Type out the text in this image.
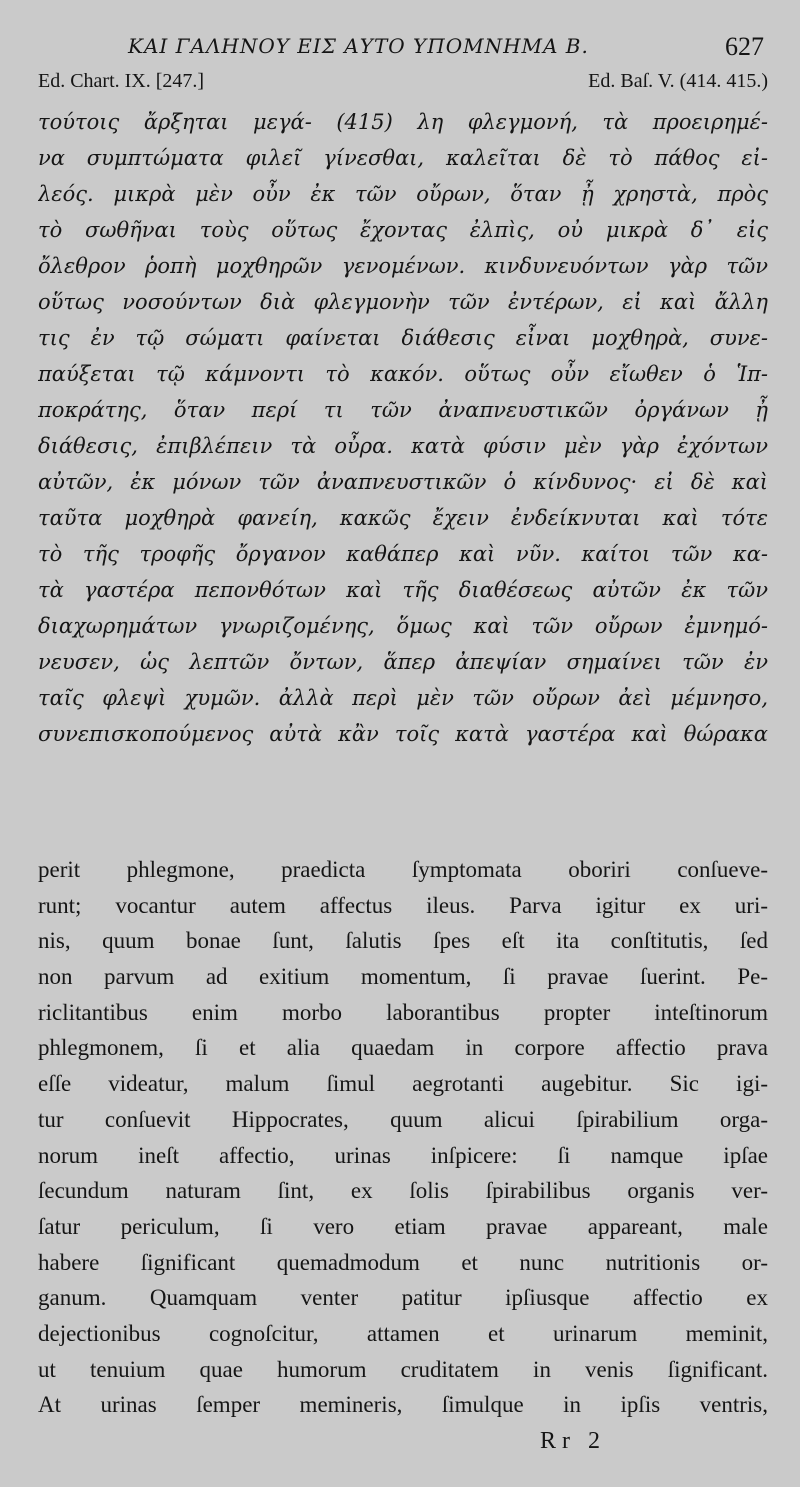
ΚΑΙ ΓΑΛΗΝΟΥ ΕΙΣ ΑΥΤΟ ΥΠΟΜΝΗΜΑ Β.	627
Ed. Chart. IX. [247.]	Ed. Baſ. V. (414. 415.)
τούτοις ἄρξηται μεγά- (415) λη φλεγμονή, τὰ προειρημέ-
να συμπτώματα φιλεῖ γίνεσθαι, καλεῖται δὲ τὸ πάθος εἰ-
λεός. μικρὰ μὲν οὖν ἐκ τῶν οὔρων, ὅταν ᾖ χρηστὰ, πρὸς
τὸ σωθῆναι τοὺς οὕτως ἔχοντας ἐλπὶς, οὐ μικρὰ δ᾽ εἰς
ὄλεθρον ῥοπὴ μοχθηρῶν γενομένων. κινδυνευόντων γὰρ τῶν
οὕτως νοσούντων διὰ φλεγμονὴν τῶν ἐντέρων, εἰ καὶ ἄλλη
τις ἐν τῷ σώματι φαίνεται διάθεσις εἶναι μοχθηρὰ, συνε-
παύξεται τῷ κάμνοντι τὸ κακόν. οὕτως οὖν εἴωθεν ὁ Ἱπ-
ποκράτης, ὅταν περί τι τῶν ἀναπνευστικῶν ὀργάνων ᾖ
διάθεσις, ἐπιβλέπειν τὰ οὖρα. κατὰ φύσιν μὲν γὰρ ἐχόντων
αὐτῶν, ἐκ μόνων τῶν ἀναπνευστικῶν ὁ κίνδυνος· εἰ δὲ καὶ
ταῦτα μοχθηρὰ φανείη, κακῶς ἔχειν ἐνδείκνυται καὶ τότε
τὸ τῆς τροφῆς ὄργανον καθάπερ καὶ νῦν. καίτοι τῶν κα-
τὰ γαστέρα πεπονθότων καὶ τῆς διαθέσεως αὐτῶν ἐκ τῶν
διαχωρημάτων γνωριζομένης, ὅμως καὶ τῶν οὔρων ἐμνημό-
νευσεν, ὡς λεπτῶν ὄντων, ἅπερ ἀπεψίαν σημαίνει τῶν ἐν
ταῖς φλεψὶ χυμῶν. ἀλλὰ περὶ μὲν τῶν οὔρων ἀεὶ μέμνησο,
συνεπισκοπούμενος αὐτὰ κἂν τοῖς κατὰ γαστέρα καὶ θώρακα
perit phlegmone, praedicta ſymptomata oboriri conſueve-
runt; vocantur autem affectus ileus. Parva igitur ex uri-
nis, quum bonae ſunt, ſalutis ſpes eſt ita conſtitutis, ſed
non parvum ad exitium momentum, ſi pravae ſuerint. Pe-
riclitantibus enim morbo laborantibus propter inteſtinorum
phlegmonem, ſi et alia quaedam in corpore affectio prava
eſſe videatur, malum ſimul aegrotanti augebitur. Sic igi-
tur conſuevit Hippocrates, quum alicui ſpirabilium orga-
norum ineſt affectio, urinas inſpicere: ſi namque ipſae
ſecundum naturam ſint, ex ſolis ſpirabilibus organis ver-
ſatur periculum, ſi vero etiam pravae appareant, male
habere ſignificant quemadmodum et nunc nutritionis or-
ganum. Quamquam venter patitur ipſiusque affectio ex
dejectionibus cognoſcitur, attamen et urinarum meminit,
ut tenuium quae humorum cruditatem in venis ſignificant.
At urinas ſemper memineris, ſimulque in ipſis ventris,
Rr 2
